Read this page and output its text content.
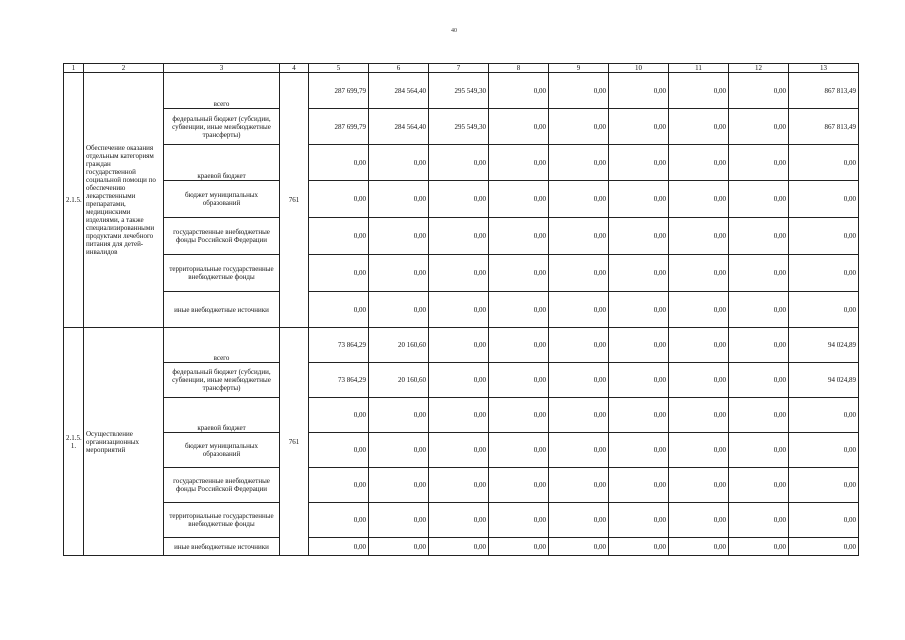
40
1	2	3	4	5	6	7	8	9	10	11	12	13
2.1.5.	Обеспечение оказания отдельным категориям граждан государственной социальной помощи по обеспечению лекарственными препаратами, медицинскими изделиями, а также специализированными продуктами лечебного питания для детей-инвалидов	всего	761	287 699,79	284 564,40	295 549,30	0,00	0,00	0,00	0,00	0,00	867 813,49
		федеральный бюджет (субсидии, субвенции, иные межбюджетные трансферты)		287 699,79	284 564,40	295 549,30	0,00	0,00	0,00	0,00	0,00	867 813,49
		краевой бюджет		0,00	0,00	0,00	0,00	0,00	0,00	0,00	0,00	0,00
		бюджет муниципальных образований		0,00	0,00	0,00	0,00	0,00	0,00	0,00	0,00	0,00
		государственные внебюджетные фонды Российской Федерации		0,00	0,00	0,00	0,00	0,00	0,00	0,00	0,00	0,00
		территориальные государственные внебюджетные фонды		0,00	0,00	0,00	0,00	0,00	0,00	0,00	0,00	0,00
		иные внебюджетные источники		0,00	0,00	0,00	0,00	0,00	0,00	0,00	0,00	0,00
2.1.5. 1.	Осуществление организационных мероприятий	всего	761	73 864,29	20 160,60	0,00	0,00	0,00	0,00	0,00	0,00	94 024,89
		федеральный бюджет (субсидии, субвенции, иные межбюджетные трансферты)		73 864,29	20 160,60	0,00	0,00	0,00	0,00	0,00	0,00	94 024,89
		краевой бюджет		0,00	0,00	0,00	0,00	0,00	0,00	0,00	0,00	0,00
		бюджет муниципальных образований		0,00	0,00	0,00	0,00	0,00	0,00	0,00	0,00	0,00
		государственные внебюджетные фонды Российской Федерации		0,00	0,00	0,00	0,00	0,00	0,00	0,00	0,00	0,00
		территориальные государственные внебюджетные фонды		0,00	0,00	0,00	0,00	0,00	0,00	0,00	0,00	0,00
		иные внебюджетные источники		0,00	0,00	0,00	0,00	0,00	0,00	0,00	0,00	0,00
